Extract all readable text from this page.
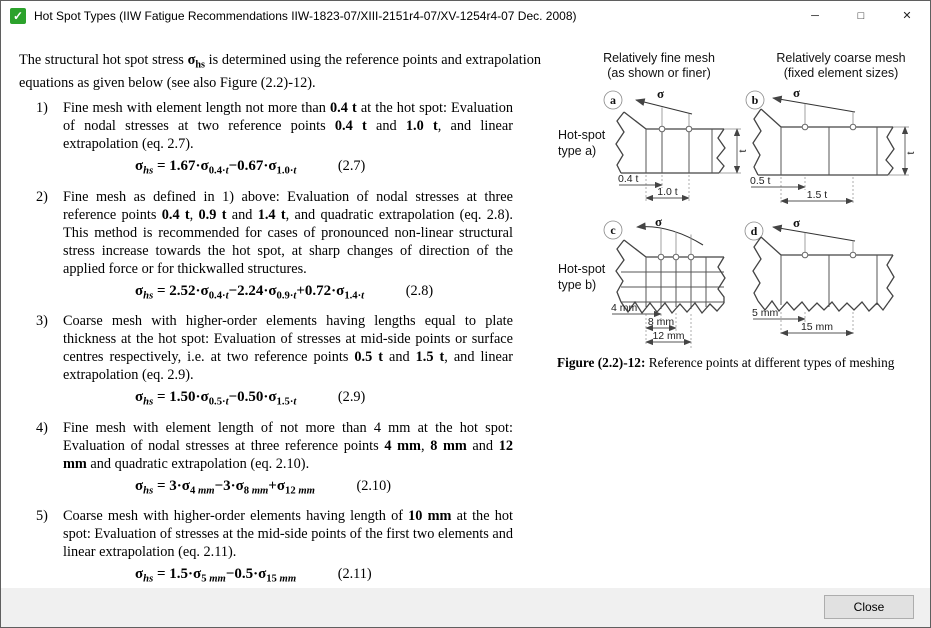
✓ Hot Spot Types (IIW Fatigue Recommendations IIW-1823-07/XIII-2151r4-07/XV-1254r4-07 Dec. 2008)	─	□	✕
The structural hot spot stress $\sigma_{hs}$ is determined using the reference points and extrapolation equations as given below (see also Figure (2.2)-12).
1)	Fine mesh with element length not more than 0.4 t at the hot spot: Evaluation of nodal stresses at two reference points 0.4 t and 1.0 t, and linear extrapolation (eq. 2.7).
$\sigma_{hs} = 1.67\cdot\sigma_{0.4\cdot t}-0.67\cdot\sigma_{1.0\cdot t}$	(2.7)
2)	Fine mesh as defined in 1) above: Evaluation of nodal stresses at three reference points 0.4 t, 0.9 t and 1.4 t, and quadratic extrapolation (eq. 2.8). This method is recommended for cases of pronounced non-linear structural stress increase towards the hot spot, at sharp changes of direction of the applied force or for thickwalled structures.
$\sigma_{hs} = 2.52\cdot\sigma_{0.4\cdot t}-2.24\cdot\sigma_{0.9\cdot t}+0.72\cdot\sigma_{1.4\cdot t}$	(2.8)
3)	Coarse mesh with higher-order elements having lengths equal to plate thickness at the hot spot: Evaluation of stresses at mid-side points or surface centres respectively, i.e. at two reference points 0.5 t and 1.5 t, and linear extrapolation (eq. 2.9).
$\sigma_{hs} = 1.50\cdot\sigma_{0.5\cdot t}-0.50\cdot\sigma_{1.5\cdot t}$	(2.9)
4)	Fine mesh with element length of not more than 4 mm at the hot spot: Evaluation of nodal stresses at three reference points 4 mm, 8 mm and 12 mm and quadratic extrapolation (eq. 2.10).
$\sigma_{hs} = 3\cdot\sigma_4$ $_{mm}-3\cdot\sigma_8$ $_{mm}+\sigma_{12}$ $_{mm}$	(2.10)
5)	Coarse mesh with higher-order elements having length of 10 mm at the hot spot: Evaluation of stresses at the mid-side points of the first two elements and linear extrapolation (eq. 2.11).
$\sigma_{hs} = 1.5\cdot\sigma_5$ $_{mm}-0.5\cdot\sigma_{15}$ $_{mm}$	(2.11)
Relatively fine mesh
(as shown or finer)
Relatively coarse mesh
(fixed element sizes)
Hot-spot
type a)
Hot-spot
type b)
a	σ
0.4 t
1.0 t
t
b	σ
0.5 t
1.5 t
t
c
σ
4 mm
8 mm
12 mm
d
σ
5 mm
15 mm
Figure (2.2)-12: Reference points at different types of meshing
Close
